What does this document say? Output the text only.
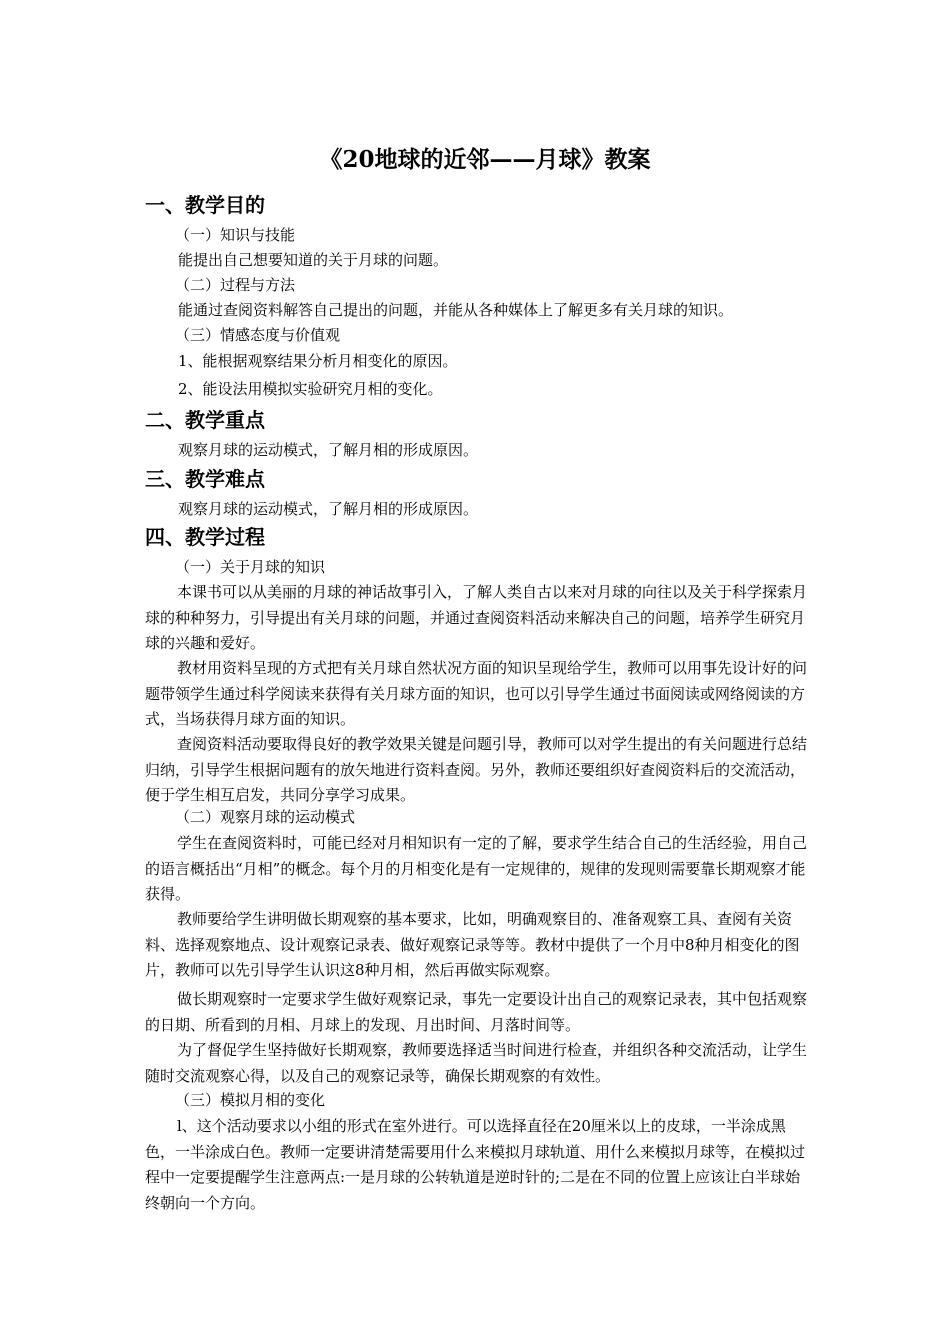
《20地球的近邻——月球》教案
一、教学目的
（一）知识与技能
能提出自己想要知道的关于月球的问题。
（二）过程与方法
能通过查阅资料解答自己提出的问题，并能从各种媒体上了解更多有关月球的知识。
（三）情感态度与价值观
1、能根据观察结果分析月相变化的原因。
2、能设法用模拟实验研究月相的变化。
二、教学重点
观察月球的运动模式，了解月相的形成原因。
三、教学难点
观察月球的运动模式，了解月相的形成原因。
四、教学过程
（一）关于月球的知识

本课书可以从美丽的月球的神话故事引入，了解人类自古以来对月球的向往以及关于科学探索月球的种种努力，引导提出有关月球的问题，并通过查阅资料活动来解决自己的问题，培养学生研究月球的兴趣和爱好。

教材用资料呈现的方式把有关月球自然状况方面的知识呈现给学生，教师可以用事先设计好的问题带领学生通过科学阅读来获得有关月球方面的知识，也可以引导学生通过书面阅读或网络阅读的方式，当场获得月球方面的知识。

查阅资料活动要取得良好的教学效果关键是问题引导，教师可以对学生提出的有关问题进行总结归纳，引导学生根据问题有的放矢地进行资料查阅。另外，教师还要组织好查阅资料后的交流活动，便于学生相互启发，共同分享学习成果。

（二）观察月球的运动模式

学生在查阅资料时，可能已经对月相知识有一定的了解，要求学生结合自己的生活经验，用自己的语言概括出“月相”的概念。每个月的月相变化是有一定规律的，规律的发现则需要靠长期观察才能获得。

教师要给学生讲明做长期观察的基本要求，比如，明确观察目的、准备观察工具、查阅有关资料、选择观察地点、设计观察记录表、做好观察记录等等。教材中提供了一个月中8种月相变化的图片，教师可以先引导学生认识这8种月相，然后再做实际观察。

做长期观察时一定要求学生做好观察记录，事先一定要设计出自己的观察记录表，其中包括观察的日期、所看到的月相、月球上的发现、月出时间、月落时间等。

为了督促学生坚持做好长期观察，教师要选择适当时间进行检查，并组织各种交流活动，让学生随时交流观察心得，以及自己的观察记录等，确保长期观察的有效性。

（三）模拟月相的变化

l、这个活动要求以小组的形式在室外进行。可以选择直径在20厘米以上的皮球，一半涂成黑色，一半涂成白色。教师一定要讲清楚需要用什么来模拟月球轨道、用什么来模拟月球等，在模拟过程中一定要提醒学生注意两点:一是月球的公转轨道是逆时针的;二是在不同的位置上应该让白半球始终朝向一个方向。
